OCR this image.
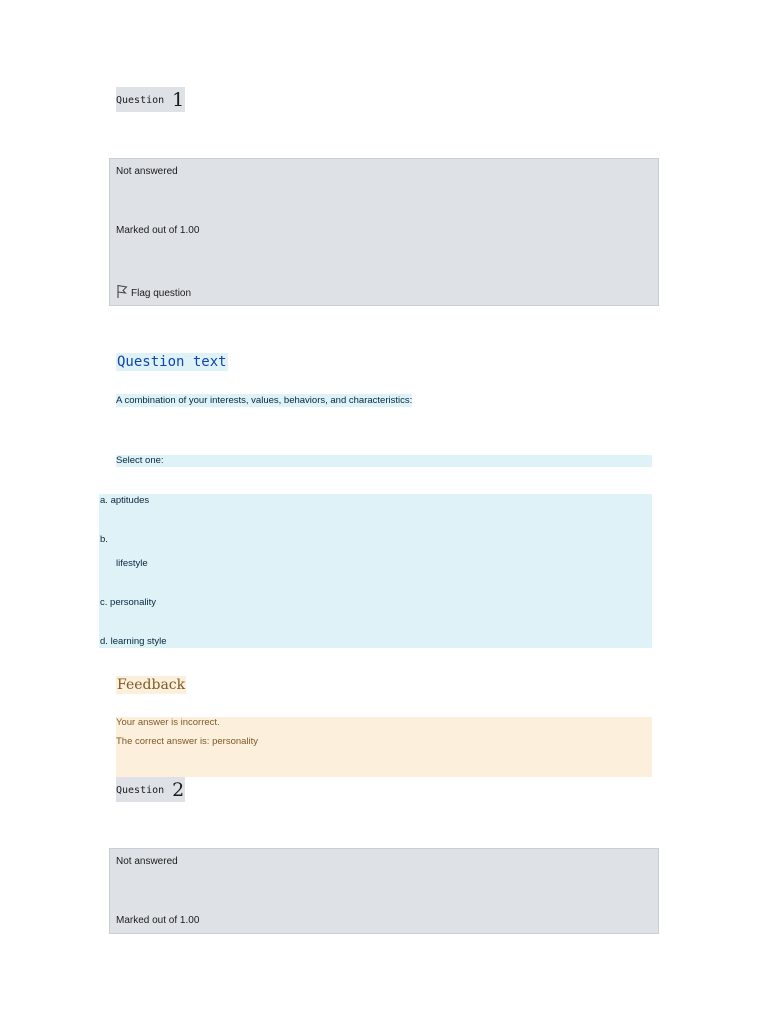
Question 1
Not answered
Marked out of 1.00
Flag question
Question text
A combination of your interests, values, behaviors, and characteristics:
Select one:
a. aptitudes
b.
lifestyle
c. personality
d. learning style
Feedback
Your answer is incorrect.
The correct answer is: personality
Question 2
Not answered
Marked out of 1.00
